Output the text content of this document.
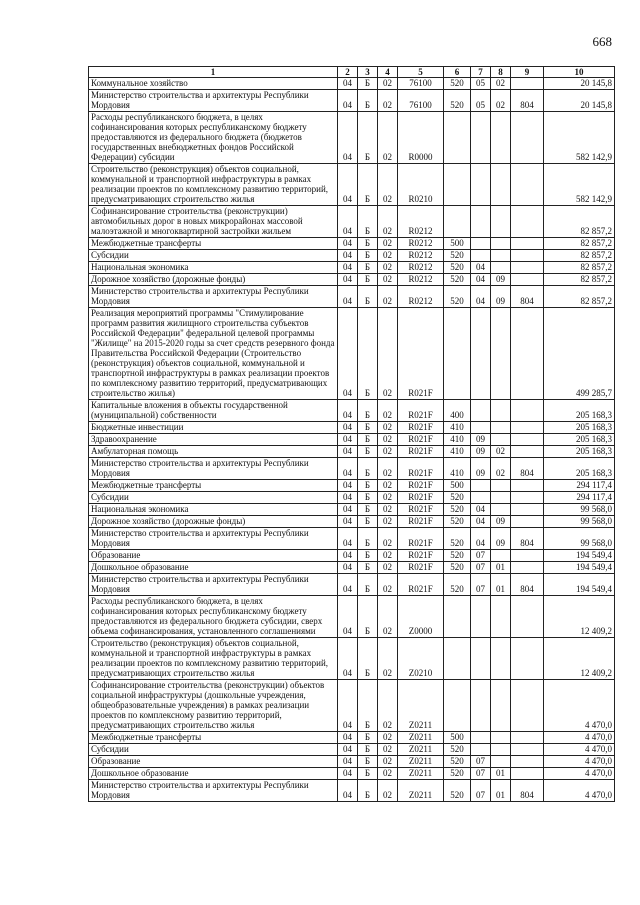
668
1	2	3	4	5	6	7	8	9	10
Коммунальное хозяйство	04	Б	02	76100	520	05	02		20 145,8
Министерство строительства и архитектуры Республики Мордовия	04	Б	02	76100	520	05	02	804	20 145,8
Расходы республиканского бюджета, в целях софинансирования которых республиканскому бюджету предоставляются из федерального бюджета (бюджетов государственных внебюджетных фондов Российской Федерации) субсидии	04	Б	02	R0000					582 142,9
Строительство (реконструкция) объектов социальной, коммунальной и транспортной инфраструктуры в рамках реализации проектов по комплексному развитию территорий, предусматривающих строительство жилья	04	Б	02	R0210					582 142,9
Софинансирование строительства (реконструкции) автомобильных дорог в новых микрорайонах массовой малоэтажной и многоквартирной застройки жильем	04	Б	02	R0212					82 857,2
Межбюджетные трансферты	04	Б	02	R0212	500				82 857,2
Субсидии	04	Б	02	R0212	520				82 857,2
Национальная экономика	04	Б	02	R0212	520	04			82 857,2
Дорожное хозяйство (дорожные фонды)	04	Б	02	R0212	520	04	09		82 857,2
Министерство строительства и архитектуры Республики Мордовия	04	Б	02	R0212	520	04	09	804	82 857,2
Реализация мероприятий программы "Стимулирование программ развития жилищного строительства субъектов Российской Федерации" федеральной целевой программы "Жилище" на 2015-2020 годы за счет средств резервного фонда Правительства Российской Федерации (Строительство (реконструкция) объектов социальной, коммунальной и транспортной инфраструктуры в рамках реализации проектов по комплексному развитию территорий, предусматривающих строительство жилья)	04	Б	02	R021F					499 285,7
Капитальные вложения в объекты государственной (муниципальной) собственности	04	Б	02	R021F	400				205 168,3
Бюджетные инвестиции	04	Б	02	R021F	410				205 168,3
Здравоохранение	04	Б	02	R021F	410	09			205 168,3
Амбулаторная помощь	04	Б	02	R021F	410	09	02		205 168,3
Министерство строительства и архитектуры Республики Мордовия	04	Б	02	R021F	410	09	02	804	205 168,3
Межбюджетные трансферты	04	Б	02	R021F	500				294 117,4
Субсидии	04	Б	02	R021F	520				294 117,4
Национальная экономика	04	Б	02	R021F	520	04			99 568,0
Дорожное хозяйство (дорожные фонды)	04	Б	02	R021F	520	04	09		99 568,0
Министерство строительства и архитектуры Республики Мордовия	04	Б	02	R021F	520	04	09	804	99 568,0
Образование	04	Б	02	R021F	520	07			194 549,4
Дошкольное образование	04	Б	02	R021F	520	07	01		194 549,4
Министерство строительства и архитектуры Республики Мордовия	04	Б	02	R021F	520	07	01	804	194 549,4
Расходы республиканского бюджета, в целях софинансирования которых республиканскому бюджету предоставляются из федерального бюджета субсидии, сверх объема софинансирования, установленного соглашениями	04	Б	02	Z0000					12 409,2
Строительство (реконструкция) объектов социальной, коммунальной и транспортной инфраструктуры в рамках реализации проектов по комплексному развитию территорий, предусматривающих строительство жилья	04	Б	02	Z0210					12 409,2
Софинансирование строительства (реконструкции) объектов социальной инфраструктуры (дошкольные учреждения, общеобразовательные учреждения) в рамках реализации проектов по комплексному развитию территорий, предусматривающих строительство жилья	04	Б	02	Z0211					4 470,0
Межбюджетные трансферты	04	Б	02	Z0211	500				4 470,0
Субсидии	04	Б	02	Z0211	520				4 470,0
Образование	04	Б	02	Z0211	520	07			4 470,0
Дошкольное образование	04	Б	02	Z0211	520	07	01		4 470,0
Министерство строительства и архитектуры Республики Мордовия	04	Б	02	Z0211	520	07	01	804	4 470,0
